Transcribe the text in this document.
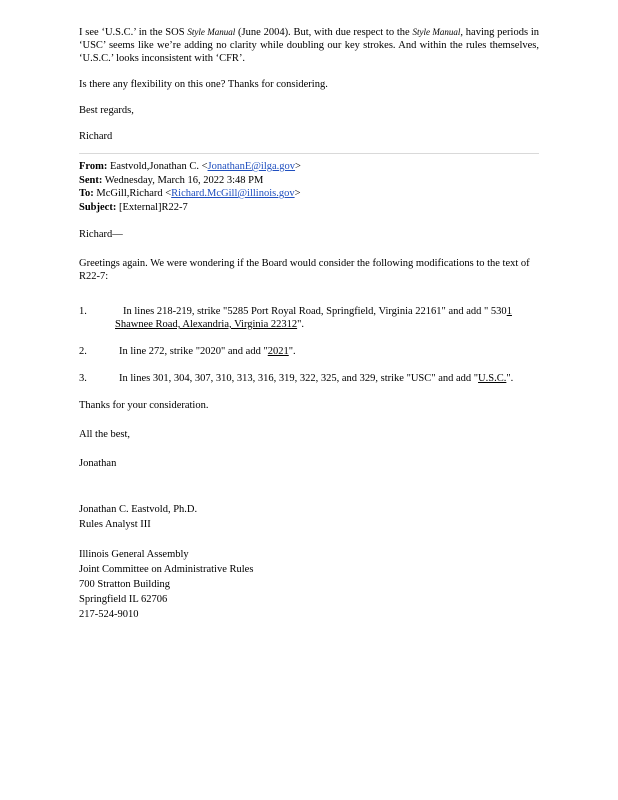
I see ‘U.S.C.’ in the SOS Style Manual (June 2004). But, with due respect to the Style Manual, having periods in ‘USC’ seems like we’re adding no clarity while doubling our key strokes. And within the rules themselves, ‘U.S.C.’ looks inconsistent with ‘CFR’.

Is there any flexibility on this one? Thanks for considering.

Best regards,

Richard

From: Eastvold,Jonathan C. <JonathanE@ilga.gov>

Sent: Wednesday, March 16, 2022 3:48 PM

To: McGill,Richard <Richard.McGill@illinois.gov>

Subject: [External]R22-7

Richard—

Greetings again. We were wondering if the Board would consider the following modifications to the text of R22-7:

1.	In lines 218-219, strike "5285 Port Royal Road, Springfield, Virginia 22161" and add " 5301
Shawnee Road, Alexandria, Virginia 22312".
2.	In line 272, strike "2020" and add "2021".
3.	In lines 301, 304, 307, 310, 313, 316, 319, 322, 325, and 329, strike "USC" and add "U.S.C.".

Thanks for your consideration.

All the best,

Jonathan

Jonathan C. Eastvold, Ph.D.

Rules Analyst III

Illinois General Assembly

Joint Committee on Administrative Rules

700 Stratton Building

Springfield IL 62706

217-524-9010
